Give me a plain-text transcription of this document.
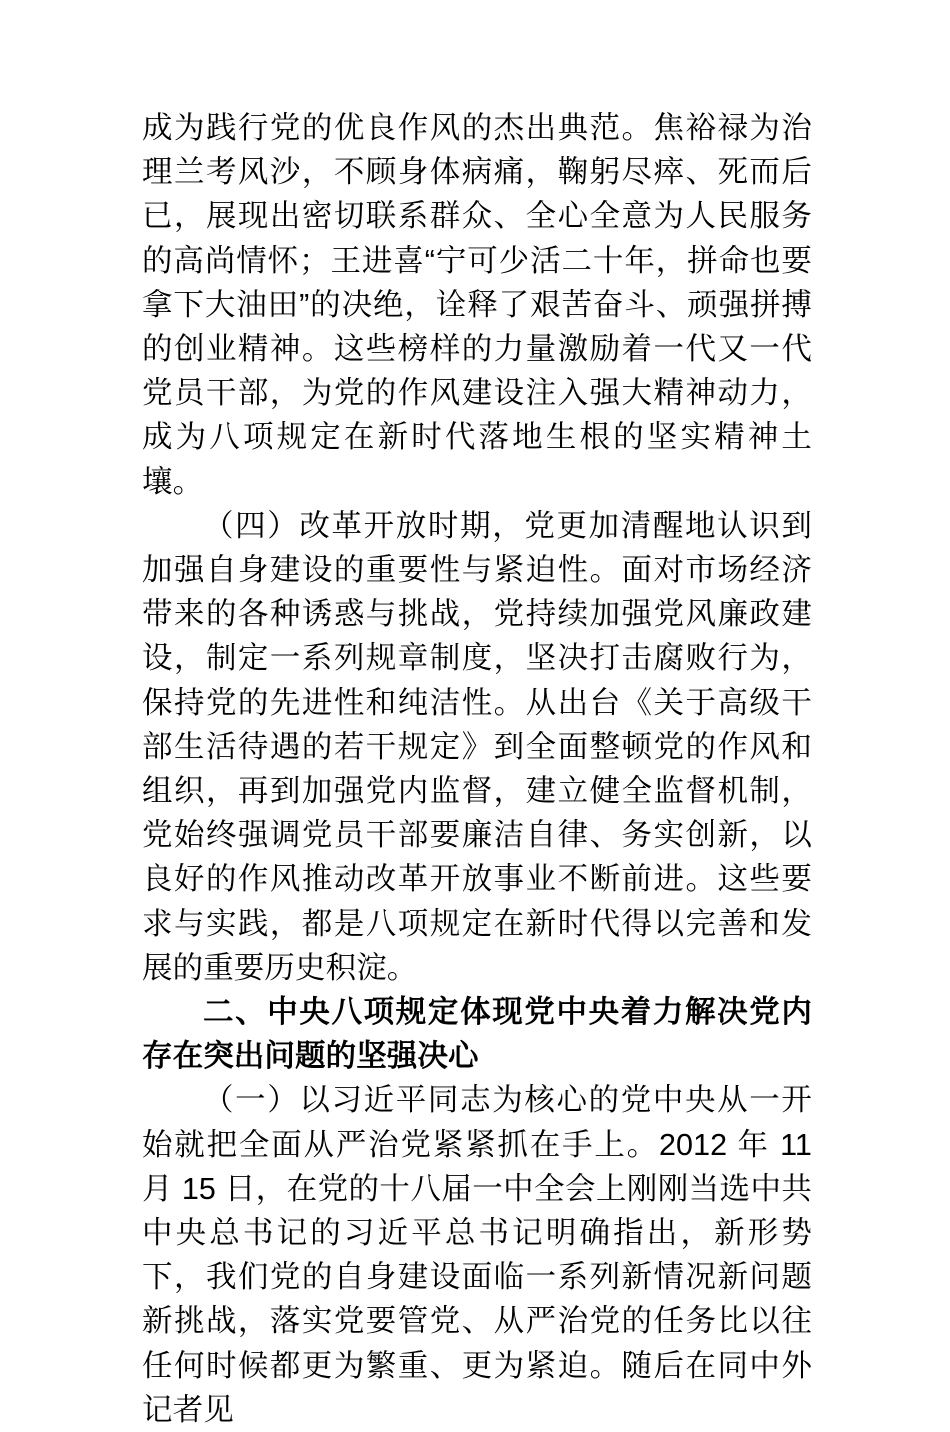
成为践行党的优良作风的杰出典范。焦裕禄为治理兰考风沙，不顾身体病痛，鞠躬尽瘁、死而后已，展现出密切联系群众、全心全意为人民服务的高尚情怀；王进喜“宁可少活二十年，拼命也要拿下大油田”的决绝，诠释了艰苦奋斗、顽强拼搏的创业精神。这些榜样的力量激励着一代又一代党员干部，为党的作风建设注入强大精神动力，成为八项规定在新时代落地生根的坚实精神土壤。

（四）改革开放时期，党更加清醒地认识到加强自身建设的重要性与紧迫性。面对市场经济带来的各种诱惑与挑战，党持续加强党风廉政建设，制定一系列规章制度，坚决打击腐败行为，保持党的先进性和纯洁性。从出台《关于高级干部生活待遇的若干规定》到全面整顿党的作风和组织，再到加强党内监督，建立健全监督机制，党始终强调党员干部要廉洁自律、务实创新，以良好的作风推动改革开放事业不断前进。这些要求与实践，都是八项规定在新时代得以完善和发展的重要历史积淀。

二、中央八项规定体现党中央着力解决党内存在突出问题的坚强决心

（一）以习近平同志为核心的党中央从一开始就把全面从严治党紧紧抓在手上。2012 年 11 月 15 日，在党的十八届一中全会上刚刚当选中共中央总书记的习近平总书记明确指出，新形势下，我们党的自身建设面临一系列新情况新问题新挑战，落实党要管党、从严治党的任务比以往任何时候都更为繁重、更为紧迫。随后在同中外记者见
